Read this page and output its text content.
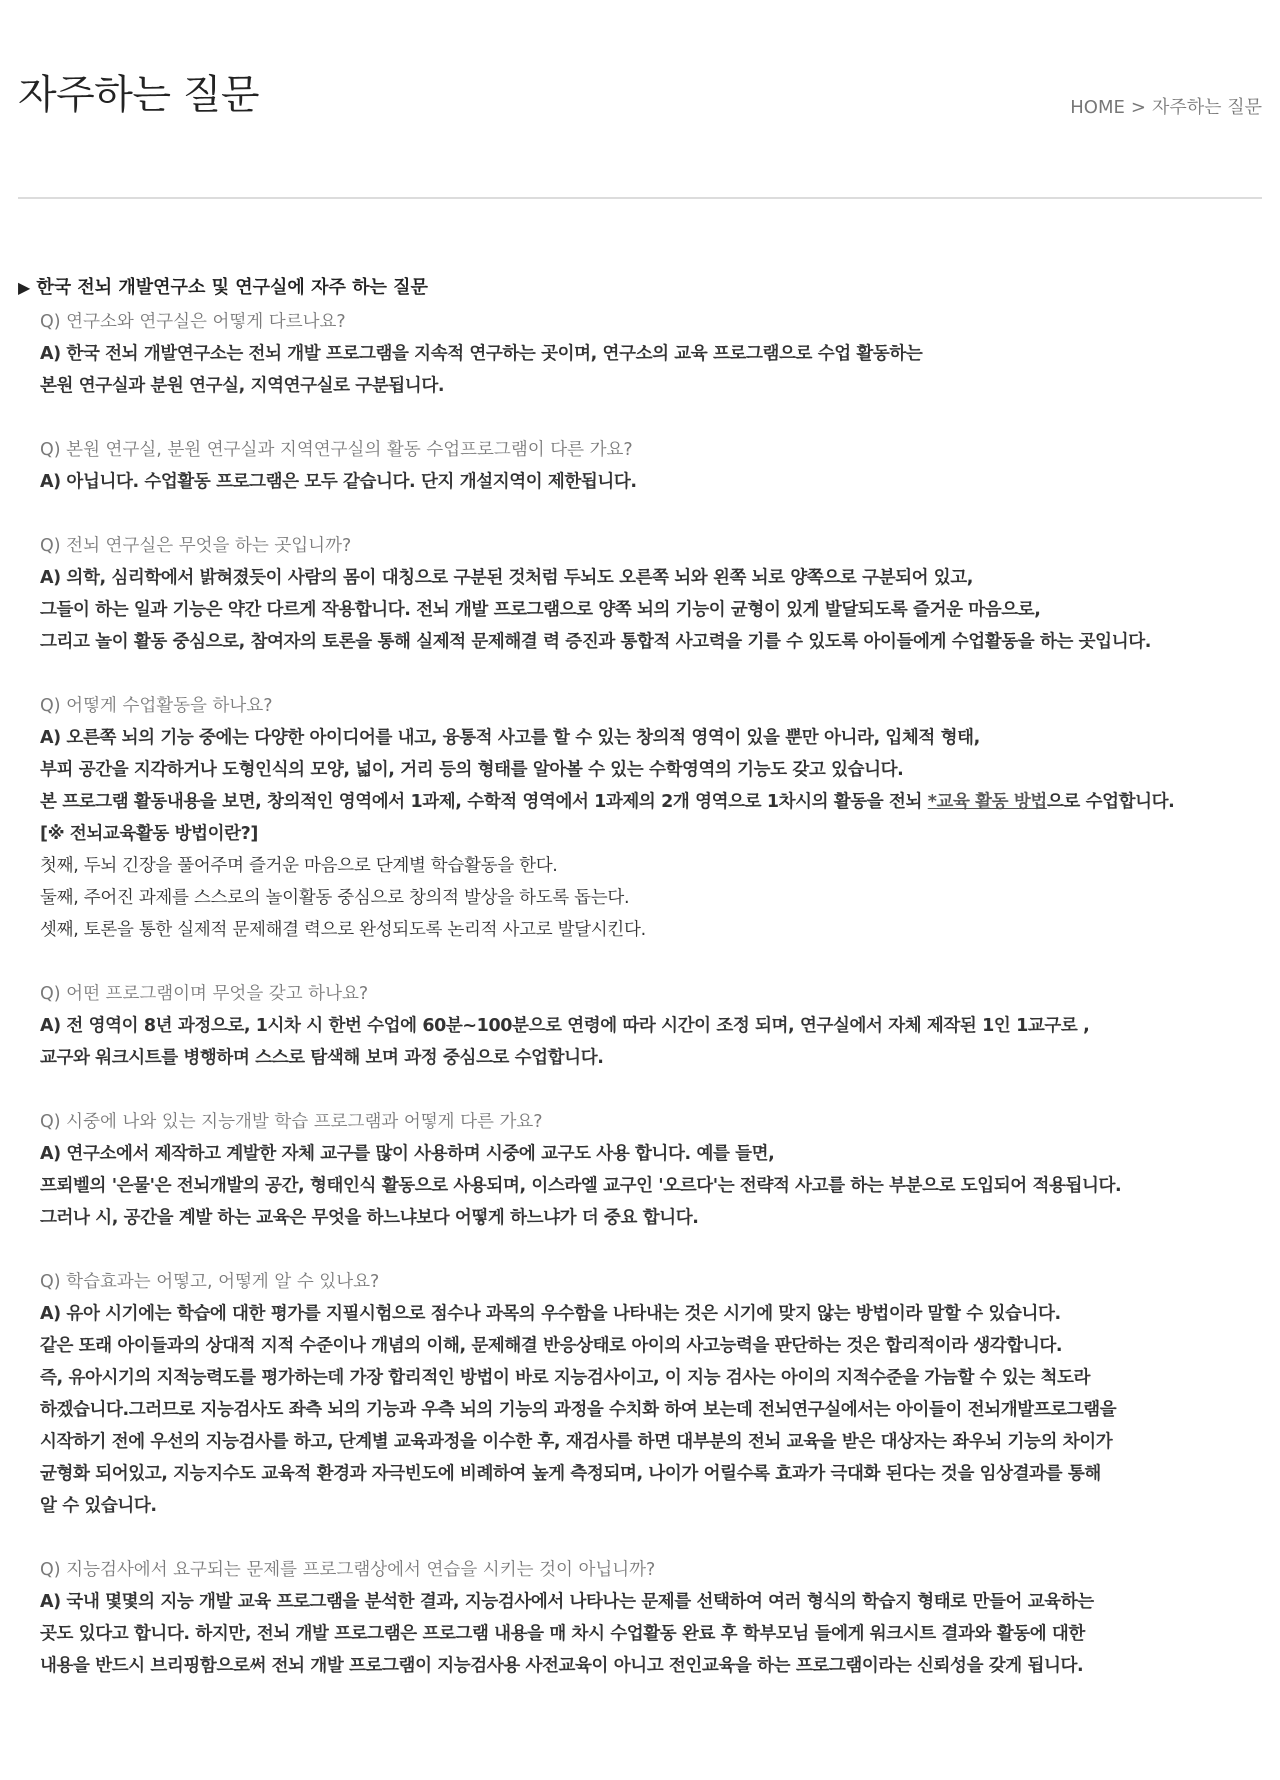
자주하는 질문	HOME > 자주하는 질문
▶ 한국 전뇌 개발연구소 및 연구실에 자주 하는 질문
Q) 연구소와 연구실은 어떻게 다르나요?
A) 한국 전뇌 개발연구소는 전뇌 개발 프로그램을 지속적 연구하는 곳이며, 연구소의 교육 프로그램으로 수업 활동하는
본원 연구실과 분원 연구실, 지역연구실로 구분됩니다.
Q) 본원 연구실, 분원 연구실과 지역연구실의 활동 수업프로그램이 다른 가요?
A) 아닙니다. 수업활동 프로그램은 모두 같습니다. 단지 개설지역이 제한됩니다.
Q) 전뇌 연구실은 무엇을 하는 곳입니까?
A) 의학, 심리학에서 밝혀졌듯이 사람의 몸이 대칭으로 구분된 것처럼 두뇌도 오른쪽 뇌와 왼쪽 뇌로 양쪽으로 구분되어 있고,
그들이 하는 일과 기능은 약간 다르게 작용합니다. 전뇌 개발 프로그램으로 양쪽 뇌의 기능이 균형이 있게 발달되도록 즐거운 마음으로,
그리고 놀이 활동 중심으로, 참여자의 토론을 통해 실제적 문제해결 력 증진과 통합적 사고력을 기를 수 있도록 아이들에게 수업활동을 하는 곳입니다.
Q) 어떻게 수업활동을 하나요?
A) 오른쪽 뇌의 기능 중에는 다양한 아이디어를 내고, 융통적 사고를 할 수 있는 창의적 영역이 있을 뿐만 아니라, 입체적 형태,
부피 공간을 지각하거나 도형인식의 모양, 넓이, 거리 등의 형태를 알아볼 수 있는 수학영역의 기능도 갖고 있습니다.
본 프로그램 활동내용을 보면, 창의적인 영역에서 1과제, 수학적 영역에서 1과제의 2개 영역으로 1차시의 활동을 전뇌 *교육 활동 방법으로 수업합니다.
[※ 전뇌교육활동 방법이란?]
첫째, 두뇌 긴장을 풀어주며 즐거운 마음으로 단계별 학습활동을 한다.
둘째, 주어진 과제를 스스로의 놀이활동 중심으로 창의적 발상을 하도록 돕는다.
셋째, 토론을 통한 실제적 문제해결 력으로 완성되도록 논리적 사고로 발달시킨다.
Q) 어떤 프로그램이며 무엇을 갖고 하나요?
A) 전 영역이 8년 과정으로, 1시차 시 한번 수업에 60분~100분으로 연령에 따라 시간이 조정 되며, 연구실에서 자체 제작된 1인 1교구로 ,
교구와 워크시트를 병행하며 스스로 탐색해 보며 과정 중심으로 수업합니다.
Q) 시중에 나와 있는 지능개발 학습 프로그램과 어떻게 다른 가요?
A) 연구소에서 제작하고 계발한 자체 교구를 많이 사용하며 시중에 교구도 사용 합니다. 예를 들면,
프뢰벨의 '은물'은 전뇌개발의 공간, 형태인식 활동으로 사용되며, 이스라엘 교구인 '오르다'는 전략적 사고를 하는 부분으로 도입되어 적용됩니다.
그러나 시, 공간을 계발 하는 교육은 무엇을 하느냐보다 어떻게 하느냐가 더 중요 합니다.
Q) 학습효과는 어떻고, 어떻게 알 수 있나요?
A) 유아 시기에는 학습에 대한 평가를 지필시험으로 점수나 과목의 우수함을 나타내는 것은 시기에 맞지 않는 방법이라 말할 수 있습니다.
같은 또래 아이들과의 상대적 지적 수준이나 개념의 이해, 문제해결 반응상태로 아이의 사고능력을 판단하는 것은 합리적이라 생각합니다.
즉, 유아시기의 지적능력도를 평가하는데 가장 합리적인 방법이 바로 지능검사이고, 이 지능 검사는 아이의 지적수준을 가늠할 수 있는 척도라
하겠습니다.그러므로 지능검사도 좌측 뇌의 기능과 우측 뇌의 기능의 과정을 수치화 하여 보는데 전뇌연구실에서는 아이들이 전뇌개발프로그램을
시작하기 전에 우선의 지능검사를 하고, 단계별 교육과정을 이수한 후, 재검사를 하면 대부분의 전뇌 교육을 받은 대상자는 좌우뇌 기능의 차이가
균형화 되어있고, 지능지수도 교육적 환경과 자극빈도에 비례하여 높게 측정되며, 나이가 어릴수록 효과가 극대화 된다는 것을 임상결과를 통해
알 수 있습니다.
Q) 지능검사에서 요구되는 문제를 프로그램상에서 연습을 시키는 것이 아닙니까?
A) 국내 몇몇의 지능 개발 교육 프로그램을 분석한 결과, 지능검사에서 나타나는 문제를 선택하여 여러 형식의 학습지 형태로 만들어 교육하는
곳도 있다고 합니다. 하지만, 전뇌 개발 프로그램은 프로그램 내용을 매 차시 수업활동 완료 후 학부모님 들에게 워크시트 결과와 활동에 대한
내용을 반드시 브리핑함으로써 전뇌 개발 프로그램이 지능검사용 사전교육이 아니고 전인교육을 하는 프로그램이라는 신뢰성을 갖게 됩니다.
